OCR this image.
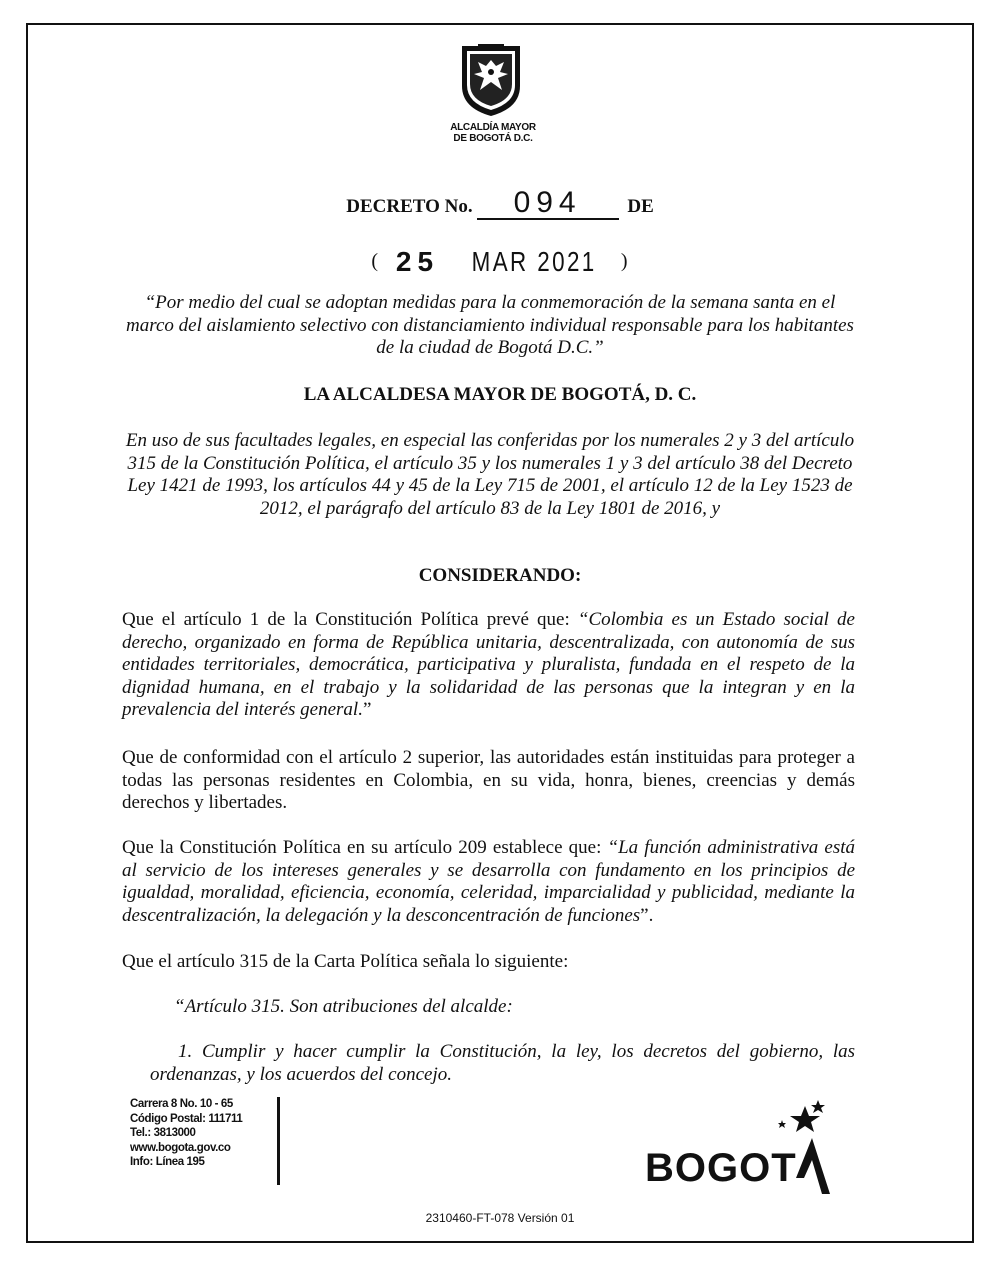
ALCALDÍA MAYOR
DE BOGOTÁ D.C.
DECRETO No. 094 DE
( 25 MAR 2021 )
“Por medio del cual se adoptan medidas para la conmemoración de la semana santa en el marco del aislamiento selectivo con distanciamiento individual responsable para los habitantes de la ciudad de Bogotá D.C.”
LA ALCALDESA MAYOR DE BOGOTÁ, D. C.
En uso de sus facultades legales, en especial las conferidas por los numerales 2 y 3 del artículo 315 de la Constitución Política, el artículo 35 y los numerales 1 y 3 del artículo 38 del Decreto Ley 1421 de 1993, los artículos 44 y 45 de la Ley 715 de 2001, el artículo 12 de la Ley 1523 de 2012, el parágrafo del artículo 83 de la Ley 1801 de 2016, y
CONSIDERANDO:
Que el artículo 1 de la Constitución Política prevé que: “Colombia es un Estado social de derecho, organizado en forma de República unitaria, descentralizada, con autonomía de sus entidades territoriales, democrática, participativa y pluralista, fundada en el respeto de la dignidad humana, en el trabajo y la solidaridad de las personas que la integran y en la prevalencia del interés general.”
Que de conformidad con el artículo 2 superior, las autoridades están instituidas para proteger a todas las personas residentes en Colombia, en su vida, honra, bienes, creencias y demás derechos y libertades.
Que la Constitución Política en su artículo 209 establece que: “La función administrativa está al servicio de los intereses generales y se desarrolla con fundamento en los principios de igualdad, moralidad, eficiencia, economía, celeridad, imparcialidad y publicidad, mediante la descentralización, la delegación y la desconcentración de funciones”.
Que el artículo 315 de la Carta Política señala lo siguiente:
“Artículo 315. Son atribuciones del alcalde:
1. Cumplir y hacer cumplir la Constitución, la ley, los decretos del gobierno, las ordenanzas, y los acuerdos del concejo.
Carrera 8 No. 10 - 65
Código Postal: 111711
Tel.: 3813000
www.bogota.gov.co
Info: Línea 195	BOGOT
2310460-FT-078 Versión 01
